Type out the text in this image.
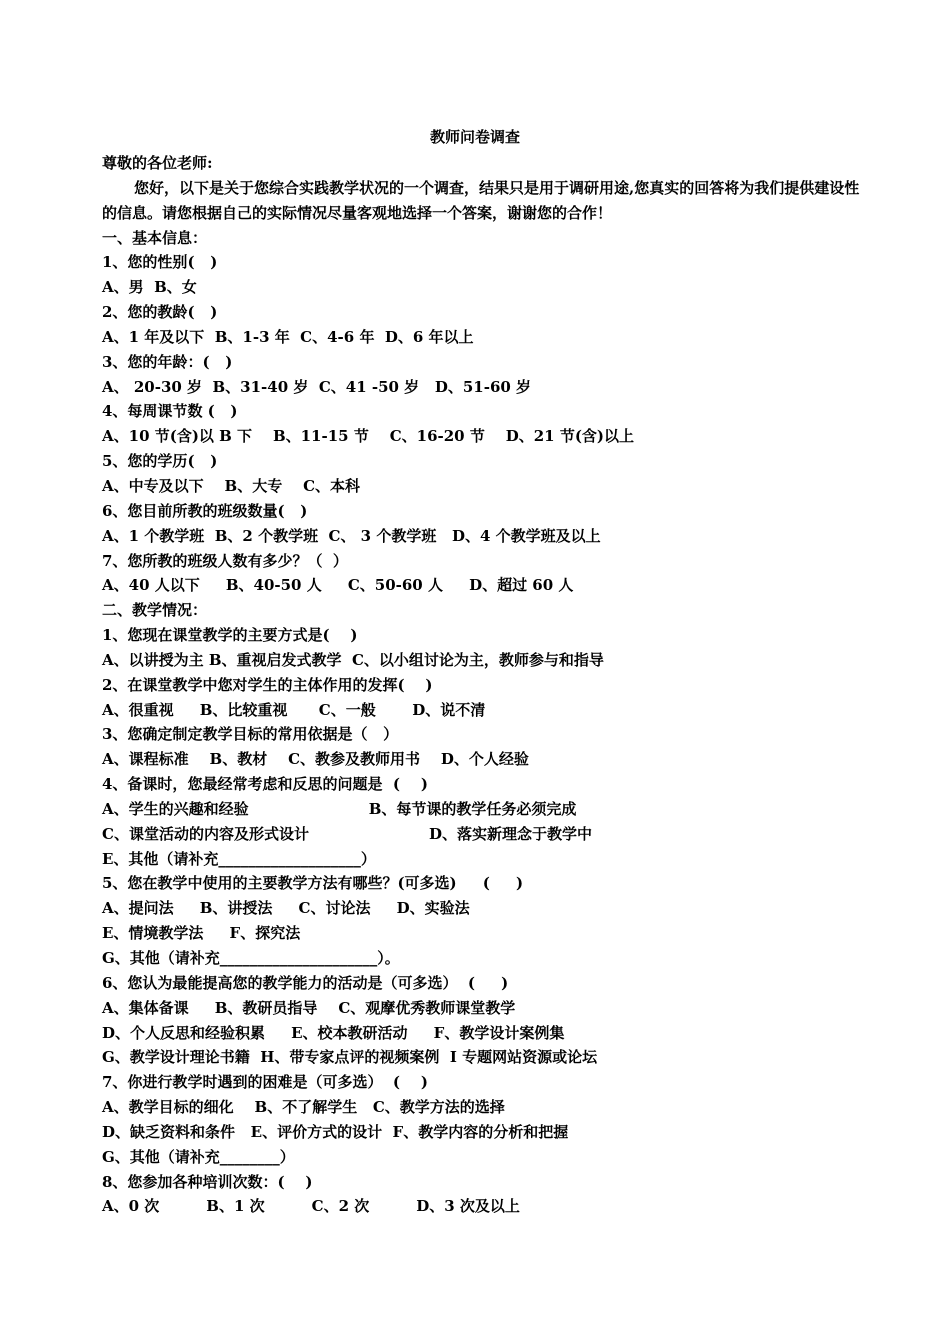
教师问卷调查
尊敬的各位老师:
您好，以下是关于您综合实践教学状况的一个调查，结果只是用于调研用途,您真实的回答将为我们提供建设性的信息。请您根据自己的实际情况尽量客观地选择一个答案，谢谢您的合作！
一、基本信息：
1、您的性别(   )
A、男  B、女
2、您的教龄(   )
A、1 年及以下  B、1-3 年  C、4-6 年  D、6 年以上
3、您的年龄：(   )
A、 20-30 岁  B、31-40 岁  C、41 -50 岁   D、51-60 岁
4、每周课节数 (   )
A、10 节(含)以 B 下    B、11-15 节    C、16-20 节    D、21 节(含)以上
5、您的学历(   )
A、中专及以下    B、大专    C、本科
6、您目前所教的班级数量(   )
A、1 个教学班  B、2 个教学班  C、 3 个教学班   D、4 个教学班及以上
7、您所教的班级人数有多少？（  ）
A、40 人以下     B、40-50 人     C、50-60 人     D、超过 60 人
二、教学情况：
1、您现在课堂教学的主要方式是(    )
A、以讲授为主 B、重视启发式教学  C、以小组讨论为主，教师参与和指导
2、在课堂教学中您对学生的主体作用的发挥(    )
A、很重视     B、比较重视      C、一般       D、说不清
3、您确定制定教学目标的常用依据是（   ）
A、课程标准    B、教材    C、教参及教师用书    D、个人经验
4、备课时，您最经常考虑和反思的问题是  (    )
A、学生的兴趣和经验                       B、每节课的教学任务必须完成
C、课堂活动的内容及形式设计                       D、落实新理念于教学中
E、其他（请补充___________________）
5、您在教学中使用的主要教学方法有哪些？(可多选)     (     )
A、提问法     B、讲授法     C、讨论法     D、实验法
E、情境教学法     F、探究法
G、其他（请补充_____________________）。
6、您认为最能提高您的教学能力的活动是（可多选）  (     )
A、集体备课     B、教研员指导    C、观摩优秀教师课堂教学
D、个人反思和经验积累     E、校本教研活动     F、教学设计案例集
G、教学设计理论书籍  H、带专家点评的视频案例  I 专题网站资源或论坛
7、你进行教学时遇到的困难是（可多选）  (    )
A、教学目标的细化    B、不了解学生   C、教学方法的选择
D、缺乏资料和条件   E、评价方式的设计  F、教学内容的分析和把握
G、其他（请补充________）
8、您参加各种培训次数：(    )
A、0 次         B、1 次         C、2 次         D、3 次及以上
